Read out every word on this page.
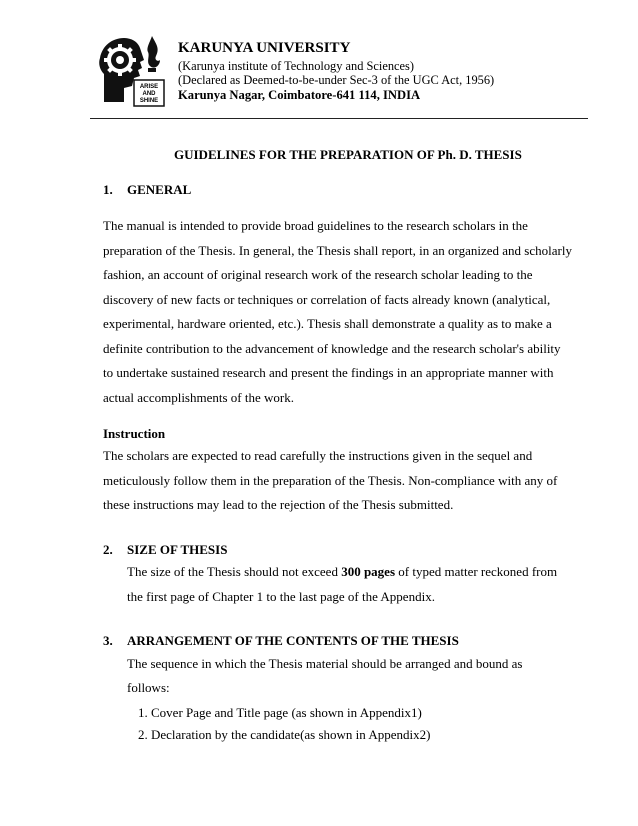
ARISE
AND
SHINE
KARUNYA UNIVERSITY
(Karunya institute of Technology and Sciences)
(Declared as Deemed-to-be-under Sec-3 of the UGC Act, 1956)
Karunya Nagar, Coimbatore-641 114, INDIA
GUIDELINES FOR THE PREPARATION OF Ph. D. THESIS
1. GENERAL
The manual is intended to provide broad guidelines to the research scholars in the
preparation of the Thesis. In general, the Thesis shall report, in an organized and scholarly
fashion, an account of original research work of the research scholar leading to the
discovery of new facts or techniques or correlation of facts already known (analytical,
experimental, hardware oriented, etc.). Thesis shall demonstrate a quality as to make a
definite contribution to the advancement of knowledge and the research scholar's ability
to undertake sustained research and present the findings in an appropriate manner with
actual accomplishments of the work.
Instruction
The scholars are expected to read carefully the instructions given in the sequel and
meticulously follow them in the preparation of the Thesis. Non-compliance with any of
these instructions may lead to the rejection of the Thesis submitted.
2. SIZE OF THESIS
The size of the Thesis should not exceed 300 pages of typed matter reckoned from
the first page of Chapter 1 to the last page of the Appendix.
3. ARRANGEMENT OF THE CONTENTS OF THE THESIS
The sequence in which the Thesis material should be arranged and bound as
follows:
1. Cover Page and Title page (as shown in Appendix1)
2. Declaration by the candidate(as shown in Appendix2)
